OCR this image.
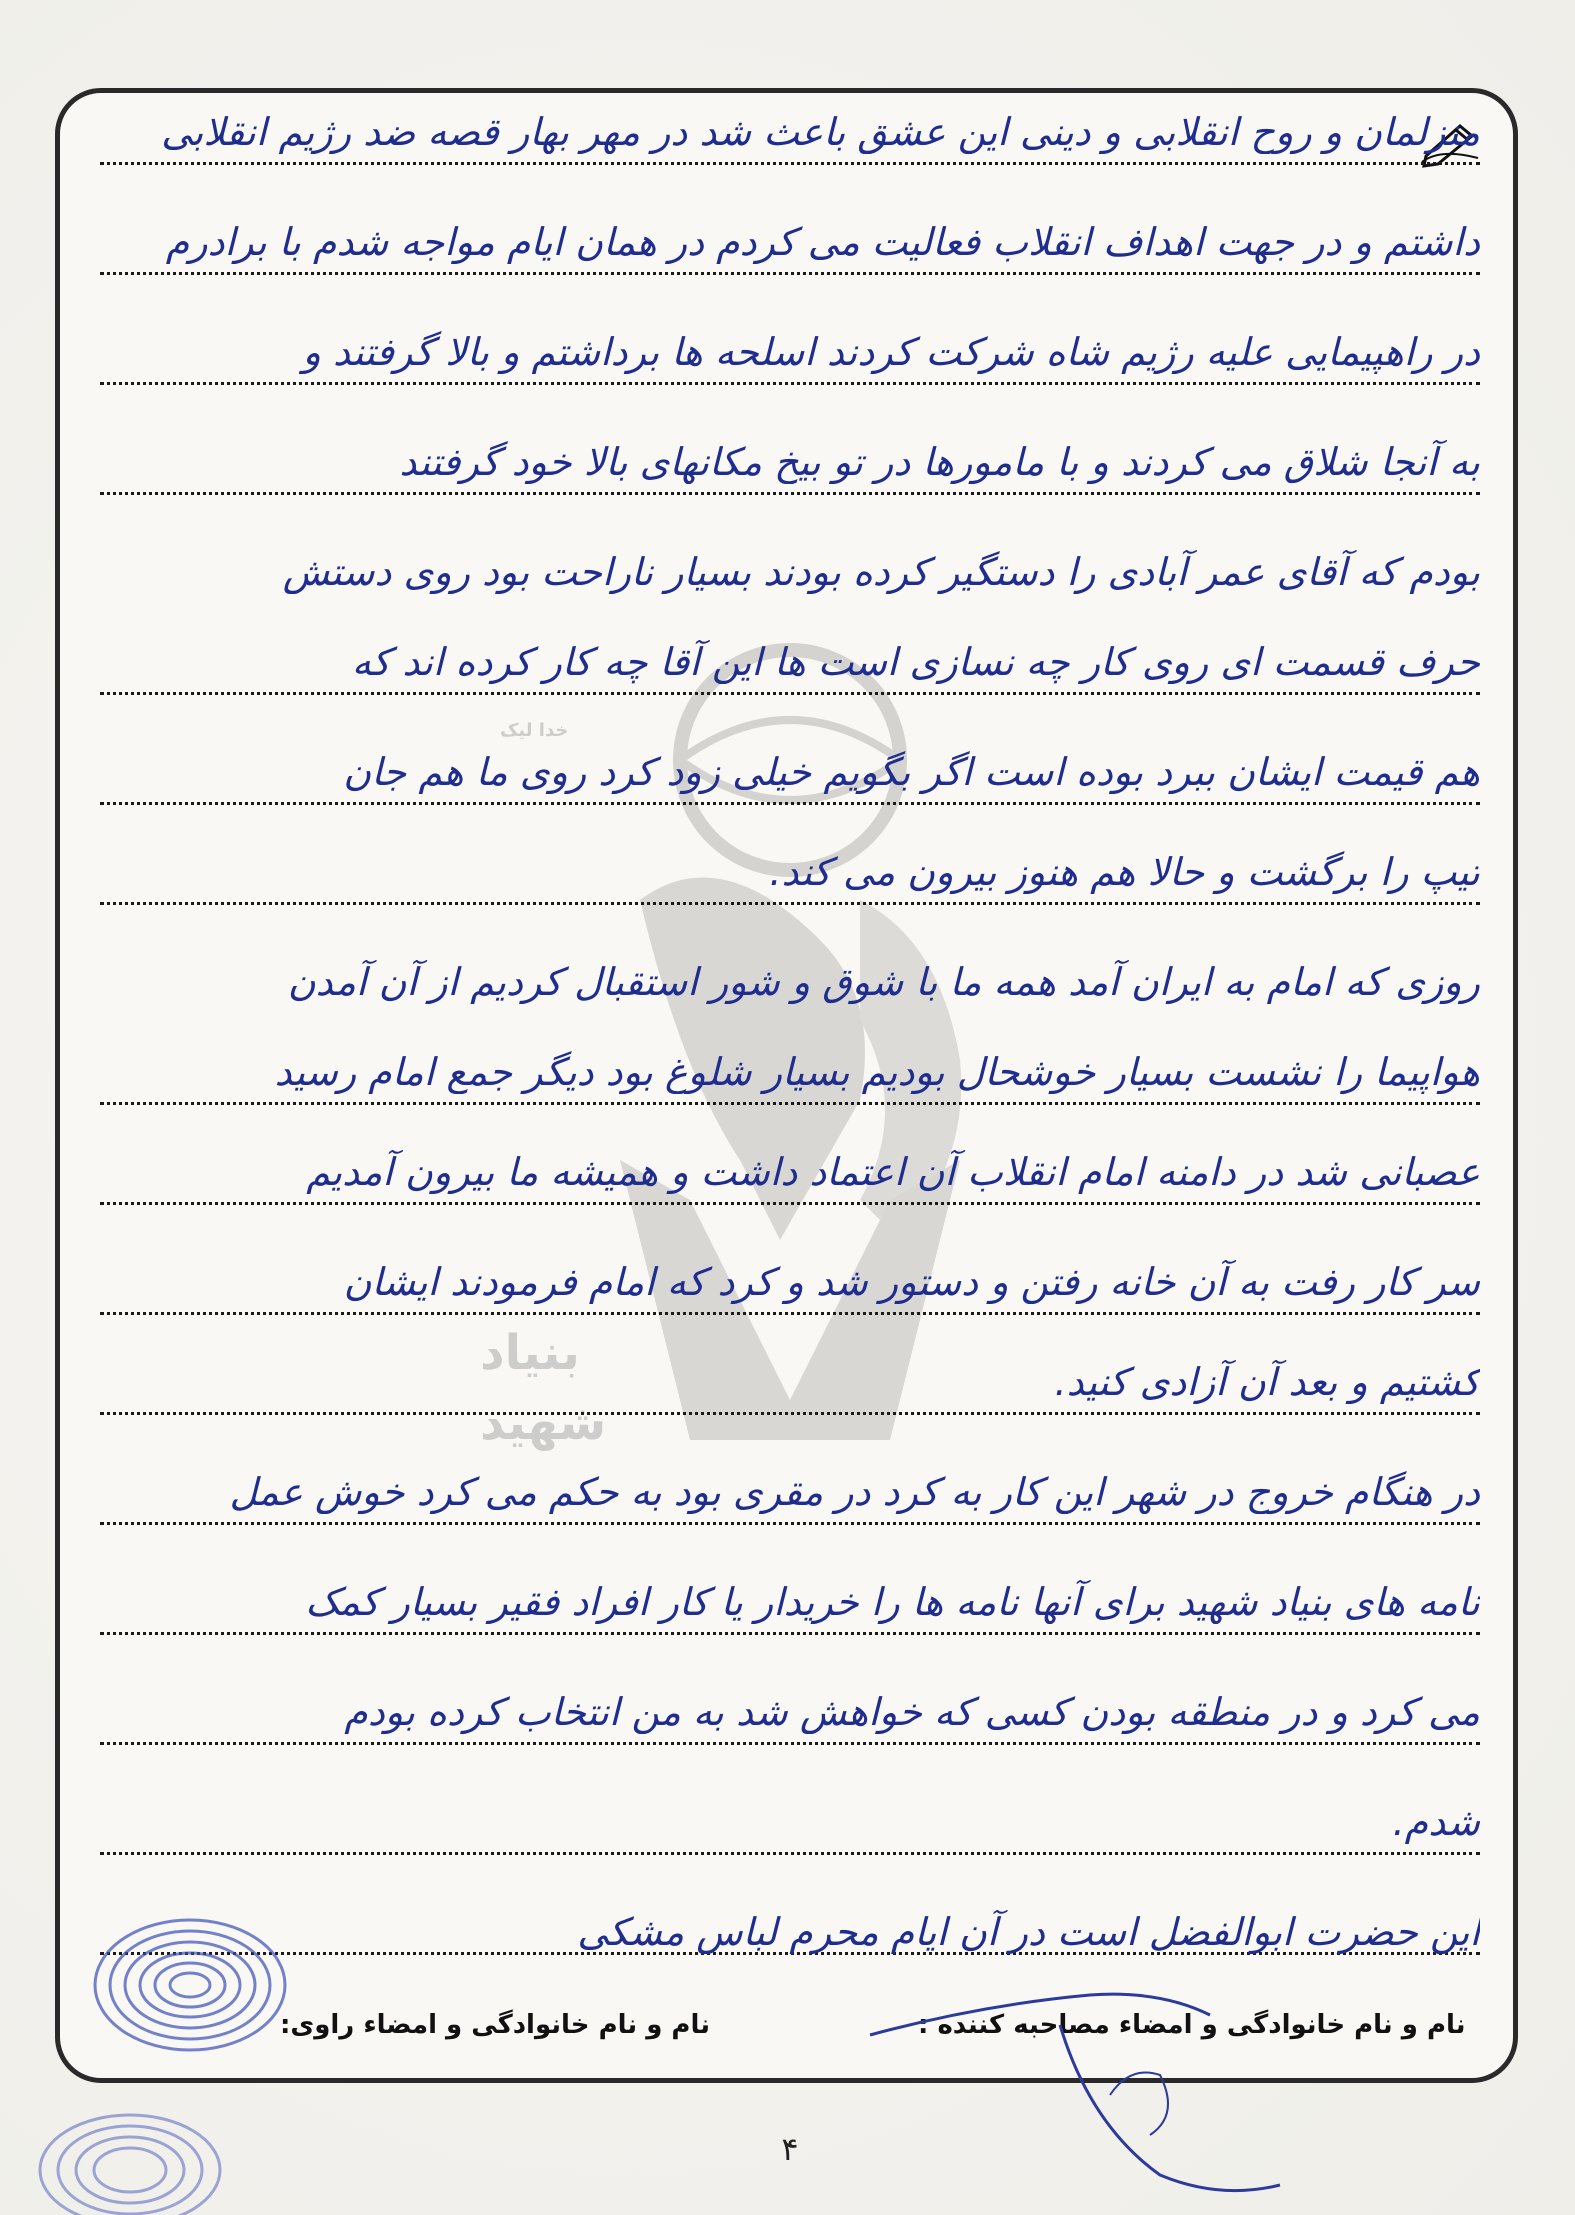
خدا لیک
بنیاد
شهید
منزلمان و روح انقلابی و دینی این عشق باعث شد در مهر بهار قصه ضد رژیم انقلابی
داشتم و در جهت اهداف انقلاب فعالیت می کردم در همان ایام مواجه شدم با برادرم
در راهپیمایی علیه رژیم شاه شرکت کردند اسلحه ها برداشتم و بالا گرفتند و
به آنجا شلاق می کردند و با مامورها در تو بیخ مکانهای بالا خود گرفتند
بودم که آقای عمر آبادی را دستگیر کرده بودند بسیار ناراحت بود روی دستش
حرف قسمت ای روی کار چه نسازی است ها این آقا چه کار کرده اند که
هم قیمت ایشان ببرد بوده است اگر بگویم خیلی زود کرد روی ما هم جان
تیپ را برگشت و حالا هم هنوز بیرون می کند.
روزی که امام به ایران آمد همه ما با شوق و شور استقبال کردیم از آن آمدن
هواپیما را نشست بسیار خوشحال بودیم بسیار شلوغ بود دیگر جمع امام رسید
عصبانی شد در دامنه امام انقلاب آن اعتماد داشت و همیشه ما بیرون آمدیم
سر کار رفت به آن خانه رفتن و دستور شد و کرد که امام فرمودند ایشان
کشتیم و بعد آن آزادی کنید.
در هنگام خروج در شهر این کار به کرد در مقری بود به حکم می کرد خوش عمل
نامه های بنیاد شهید برای آنها نامه ها را خریدار یا کار افراد فقیر بسیار کمک
می کرد و در منطقه بودن کسی که خواهش شد به من انتخاب کرده بودم
شدم.
این حضرت ابوالفضل است در آن ایام محرم لباس مشکی
نام و نام خانوادگی و امضاء مصاحبه کننده :
نام و نام خانوادگی و امضاء راوی:
۴
